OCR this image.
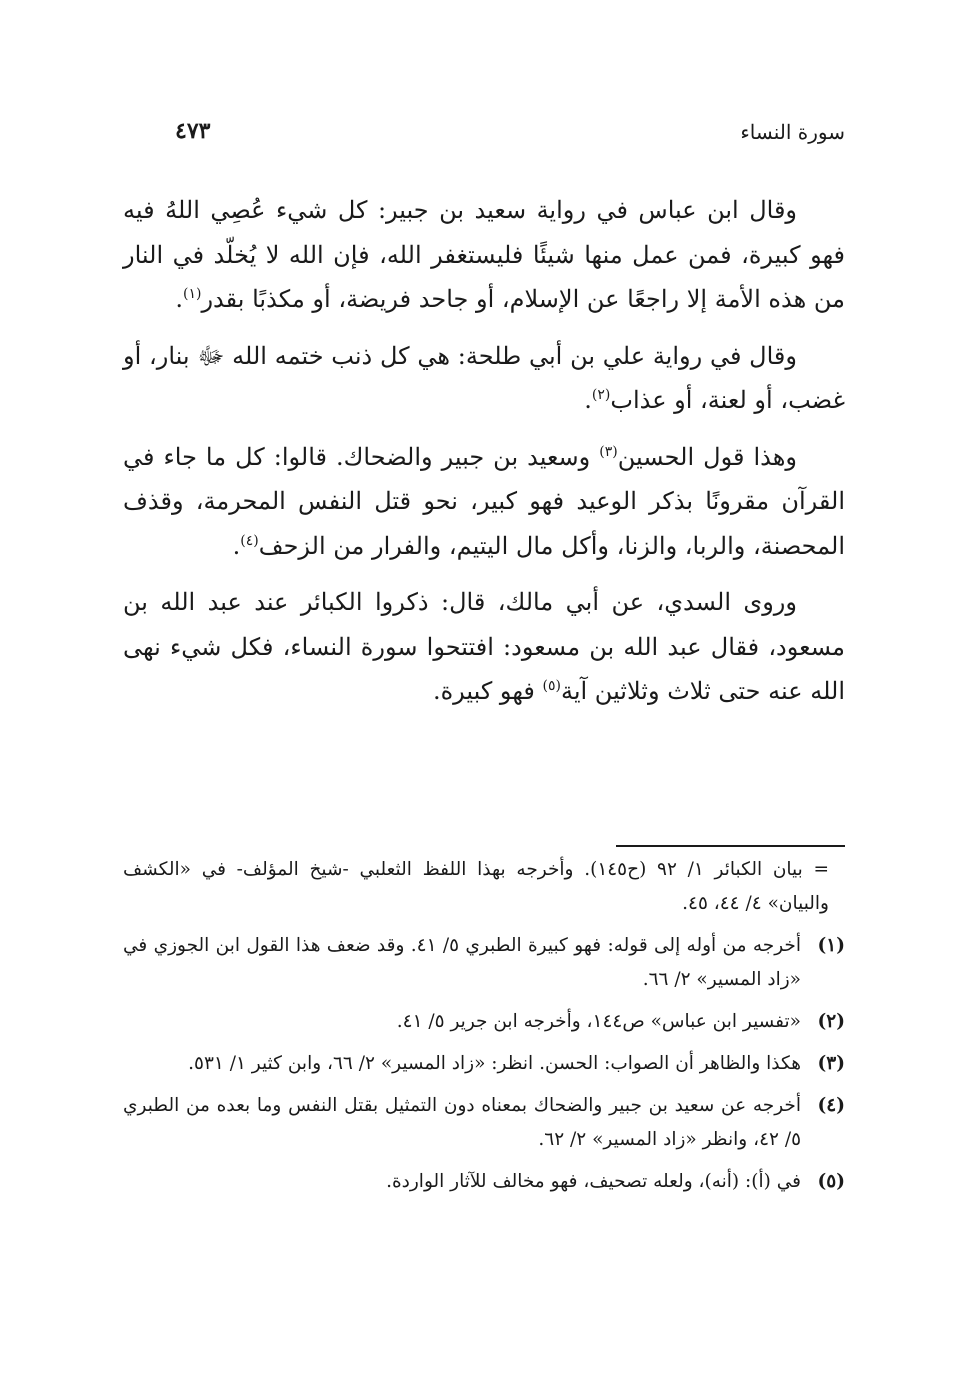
سورة النساء
٤٧٣

وقال ابن عباس في رواية سعيد بن جبير: كل شيء عُصِي اللهُ فيه فهو كبيرة، فمن عمل منها شيئًا فليستغفر الله، فإن الله لا يُخلّد في النار من هذه الأمة إلا راجعًا عن الإسلام، أو جاحد فريضة، أو مكذبًا بقدر$^{(١)}$.

وقال في رواية علي بن أبي طلحة: هي كل ذنب ختمه الله ﷻ بنار، أو غضب، أو لعنة، أو عذاب$^{(٢)}$.

وهذا قول الحسين$^{(٣)}$ وسعيد بن جبير والضحاك. قالوا: كل ما جاء في القرآن مقرونًا بذكر الوعيد فهو كبير، نحو قتل النفس المحرمة، وقذف المحصنة، والربا، والزنا، وأكل مال اليتيم، والفرار من الزحف$^{(٤)}$.

وروى السدي، عن أبي مالك، قال: ذكروا الكبائر عند عبد الله بن مسعود، فقال عبد الله بن مسعود: افتتحوا سورة النساء، فكل شيء نهى الله عنه حتى ثلاث وثلاثين آية$^{(٥)}$ فهو كبيرة.

= بيان الكبائر ١/ ٩٢ (ح١٤٥). وأخرجه بهذا اللفظ الثعلبي -شيخ المؤلف- في «الكشف والبيان» ٤/ ٤٤، ٤٥.
(١)
أخرجه من أوله إلى قوله: فهو كبيرة الطبري ٥/ ٤١. وقد ضعف هذا القول ابن الجوزي في «زاد المسير» ٢/ ٦٦.
(٢)
«تفسير ابن عباس» ص١٤٤، وأخرجه ابن جرير ٥/ ٤١.
(٣)
هكذا والظاهر أن الصواب: الحسن. انظر: «زاد المسير» ٢/ ٦٦، وابن كثير ١/ ٥٣١.
(٤)
أخرجه عن سعيد بن جبير والضحاك بمعناه دون التمثيل بقتل النفس وما بعده من الطبري ٥/ ٤٢، وانظر «زاد المسير» ٢/ ٦٢.
(٥)
في (أ): (أنه)، ولعله تصحيف، فهو مخالف للآثار الواردة.
